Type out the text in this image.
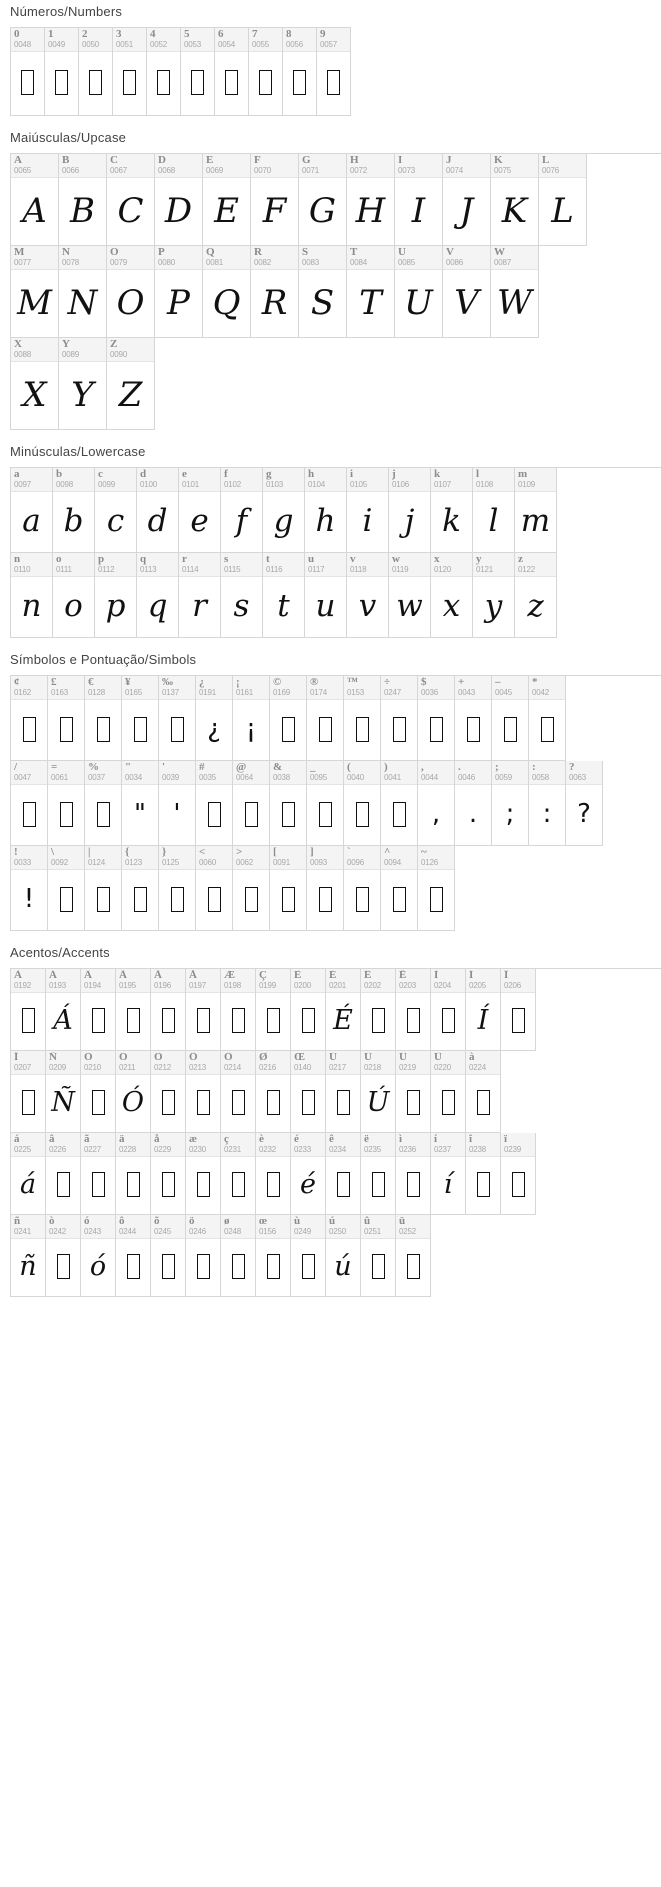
Números/Numbers
0
0048
1
0049
2
0050
3
0051
4
0052
5
0053
6
0054
7
0055
8
0056
9
0057
Maiúsculas/Upcase
A
0065
A
B
0066
B
C
0067
C
D
0068
D
E
0069
E
F
0070
F
G
0071
G
H
0072
H
I
0073
I
J
0074
J
K
0075
K
L
0076
L
M
0077
M
N
0078
N
O
0079
O
P
0080
P
Q
0081
Q
R
0082
R
S
0083
S
T
0084
T
U
0085
U
V
0086
V
W
0087
W
X
0088
X
Y
0089
Y
Z
0090
Z
Minúsculas/Lowercase
a
0097
a
b
0098
b
c
0099
c
d
0100
d
e
0101
e
f
0102
f
g
0103
g
h
0104
h
i
0105
i
j
0106
j
k
0107
k
l
0108
l
m
0109
m
n
0110
n
o
0111
o
p
0112
p
q
0113
q
r
0114
r
s
0115
s
t
0116
t
u
0117
u
v
0118
v
w
0119
w
x
0120
x
y
0121
y
z
0122
z
Símbolos e Pontuação/Simbols
¢
0162
£
0163
€
0128
¥
0165
‰
0137
¿
0191
¿
¡
0161
¡
©
0169
®
0174
™
0153
÷
0247
$
0036
+
0043
–
0045
*
0042
/
0047
=
0061
%
0037
"
0034
"
'
0039
'
#
0035
@
0064
&
0038
_
0095
(
0040
)
0041
,
0044
,
.
0046
.
;
0059
;
:
0058
:
?
0063
?
!
0033
!
\
0092
|
0124
{
0123
}
0125
<
0060
>
0062
[
0091
]
0093
`
0096
^
0094
~
0126
Acentos/Accents
À
0192
Á
0193
Á
Â
0194
Ã
0195
Ä
0196
Å
0197
Æ
0198
Ç
0199
È
0200
É
0201
É
Ê
0202
Ë
0203
Ì
0204
Í
0205
Í
Î
0206
Ï
0207
Ñ
0209
Ñ
Ò
0210
Ó
0211
Ó
Ô
0212
Õ
0213
Ö
0214
Ø
0216
Œ
0140
Ù
0217
Ú
0218
Ú
Û
0219
Ü
0220
à
0224
á
0225
á
â
0226
ã
0227
ä
0228
å
0229
æ
0230
ç
0231
è
0232
é
0233
é
ê
0234
ë
0235
ì
0236
í
0237
í
î
0238
ï
0239
ñ
0241
ñ
ò
0242
ó
0243
ó
ô
0244
õ
0245
ö
0246
ø
0248
œ
0156
ù
0249
ú
0250
ú
û
0251
ü
0252
